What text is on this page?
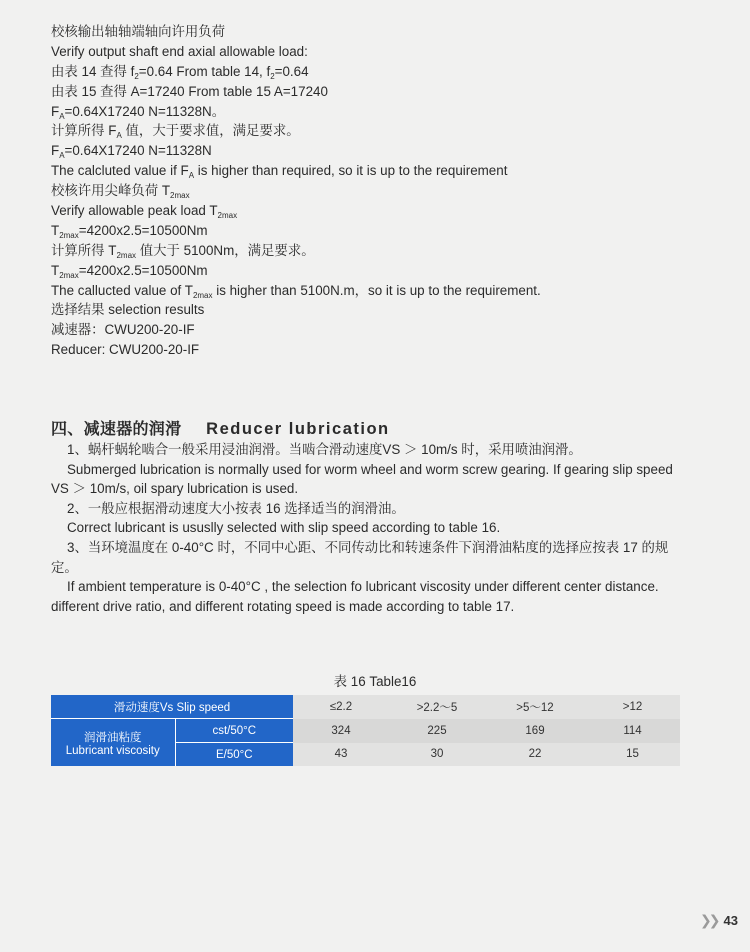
校核输出轴轴端轴向许用负荷
Verify output shaft end axial allowable load:
由表 14 查得 $f_2=0.64$ From table 14, $f_2=0.64$
由表 15 查得 A=17240 From table 15 A=17240
$F_A=0.64X17240$ N=11328N。
计算所得 $F_A$ 值，大于要求值，满足要求。
$F_A=0.64X17240$ N=11328N
The calcluted value if $F_A$ is higher than required, so it is up to the requirement
校核许用尖峰负荷 $T_{2max}$
Verify allowable peak load $T_{2max}$
$T_{2max}=4200x2.5=10500Nm$
计算所得 $T_{2max}$ 值大于 5100Nm，满足要求。
$T_{2max}=4200x2.5=10500Nm$
The callucted value of $T_{2max}$ is higher than 5100N.m，so it is up to the requirement.
选择结果 selection results
减速器：CWU200-20-IF
Reducer: CWU200-20-IF
四、减速器的润滑 Reducer lubrication
1、蜗杆蜗轮啮合一般采用浸油润滑。当啮合滑动速度VS ＞ 10m/s 时，采用喷油润滑。
Submerged lubrication is normally used for worm wheel and worm screw gearing. If gearing slip speed VS ＞ 10m/s, oil spary lubrication is used.
2、一般应根据滑动速度大小按表 16 选择适当的润滑油。
Correct lubricant is ususlly selected with slip speed according to table 16.
3、当环境温度在 0-40°C 时，不同中心距、不同传动比和转速条件下润滑油粘度的选择应按表 17 的规定。
If ambient temperature is 0-40°C , the selection fo lubricant viscosity under different center distance. different drive ratio, and different rotating speed is made according to table 17.
表 16 Table16
滑动速度Vs Slip speed		≤2.2	>2.2～5	>5～12	>12

润滑油粘度
Lubricant viscosity	cst/50°C	324	225	169	114
	E/50°C	43	30	22	15
❯❯ 43
